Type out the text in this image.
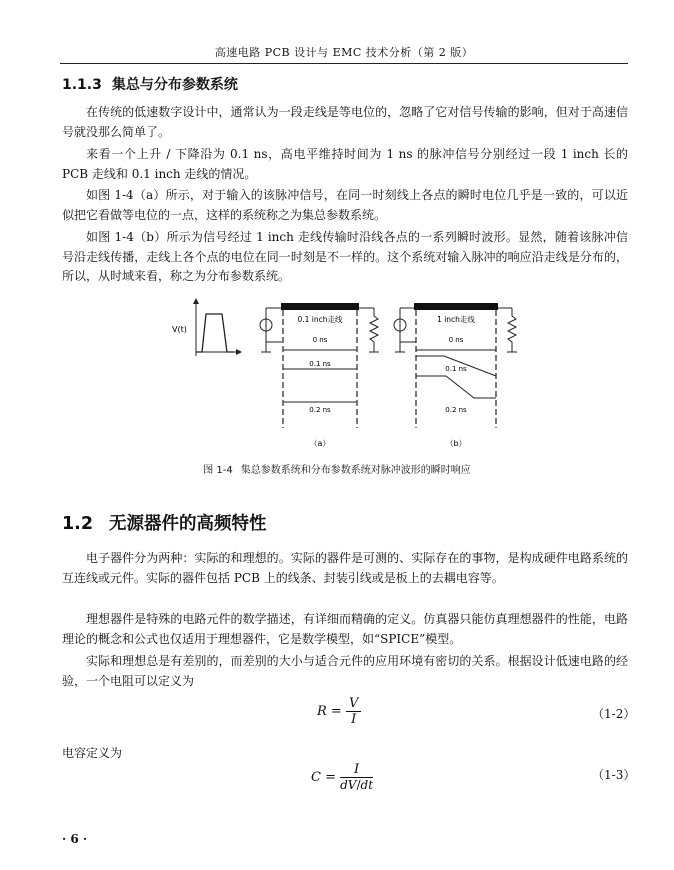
高速电路 PCB 设计与 EMC 技术分析（第 2 版）
1.1.3 集总与分布参数系统

在传统的低速数字设计中，通常认为一段走线是等电位的，忽略了它对信号传输的影响，但对于高速信号就没那么简单了。

来看一个上升 / 下降沿为 0.1 ns，高电平维持时间为 1 ns 的脉冲信号分别经过一段 1 inch 长的 PCB 走线和 0.1 inch 走线的情况。

如图 1-4（a）所示，对于输入的该脉冲信号，在同一时刻线上各点的瞬时电位几乎是一致的，可以近似把它看做等电位的一点，这样的系统称之为集总参数系统。

如图 1-4（b）所示为信号经过 1 inch 走线传输时沿线各点的一系列瞬时波形。显然，随着该脉冲信号沿走线传播，走线上各个点的电位在同一时刻是不一样的。这个系统对输入脉冲的响应沿走线是分布的，所以，从时域来看，称之为分布参数系统。

V(t)
0.1 inch走线
0 ns
0.1 ns
0.2 ns
（a）
1 inch走线
0 ns
0.1 ns
0.2 ns
（b）
图 1-4 集总参数系统和分布参数系统对脉冲波形的瞬时响应
1.2 无源器件的高频特性

电子器件分为两种：实际的和理想的。实际的器件是可测的、实际存在的事物，是构成硬件电路系统的互连线或元件。实际的器件包括 PCB 上的线条、封装引线或是板上的去耦电容等。

理想器件是特殊的电路元件的数学描述，有详细而精确的定义。仿真器只能仿真理想器件的性能，电路理论的概念和公式也仅适用于理想器件，它是数学模型，如“SPICE”模型。

实际和理想总是有差别的，而差别的大小与适合元件的应用环境有密切的关系。根据设计低速电路的经验，一个电阻可以定义为

$R = \frac{V}{I}$	（1-2）

电容定义为

$C = \frac{I}{dV/dt}$	（1-3）
· 6 ·
